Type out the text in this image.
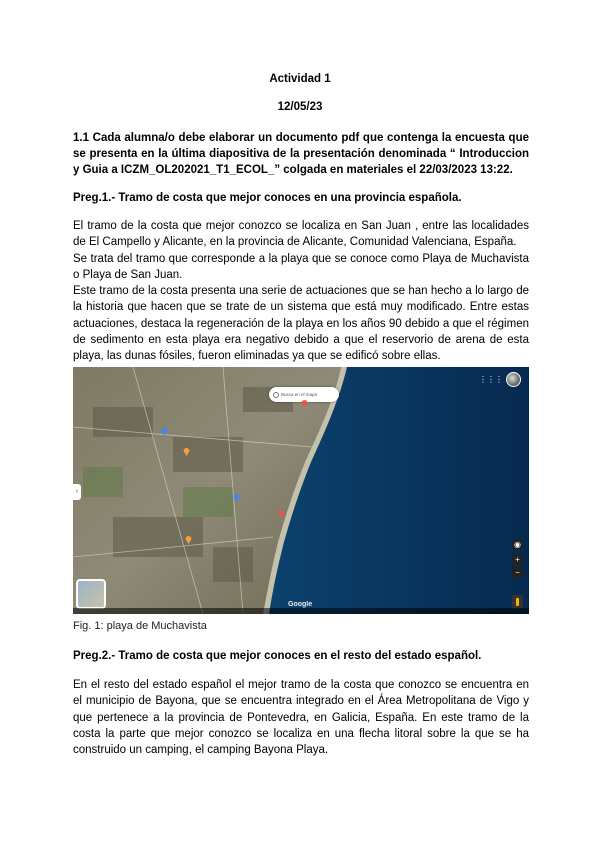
Actividad 1
12/05/23
1.1 Cada alumna/o debe elaborar un documento pdf que contenga la encuesta que se presenta en la última diapositiva de la presentación denominada “ Introduccion y Guia a ICZM_OL202021_T1_ECOL_” colgada en materiales el 22/03/2023 13:22.
Preg.1.- Tramo de costa que mejor conoces en una provincia española.
El tramo de la costa que mejor conozco se localiza en San Juan , entre las localidades de El Campello y Alicante, en la provincia de Alicante, Comunidad Valenciana, España.
Se trata del tramo que corresponde a la playa que se conoce como Playa de Muchavista o Playa de San Juan.
Este tramo de la costa presenta una serie de actuaciones que se han hecho a lo largo de la historia que hacen que se trate de un sistema que está muy modificado. Entre estas actuaciones, destaca la regeneración de la playa en los años 90 debido a que el régimen de sedimento en esta playa era negativo debido a que el reservorio de arena de esta playa, las dunas fósiles, fueron eliminadas ya que se edificó sobre ellas.
Busca en el mapa
⋮⋮⋮
‹
◉
+
−
Google
Fig. 1: playa de Muchavista
Preg.2.- Tramo de costa que mejor conoces en el resto del estado español.

En el resto del estado español el mejor tramo de la costa que conozco se encuentra en el municipio de Bayona, que se encuentra integrado en el Área Metropolitana de Vigo y que pertenece a la provincia de Pontevedra, en Galicia, España. En este tramo de la costa la parte que mejor conozco se localiza en una flecha litoral sobre la que se ha construido un camping, el camping Bayona Playa.
